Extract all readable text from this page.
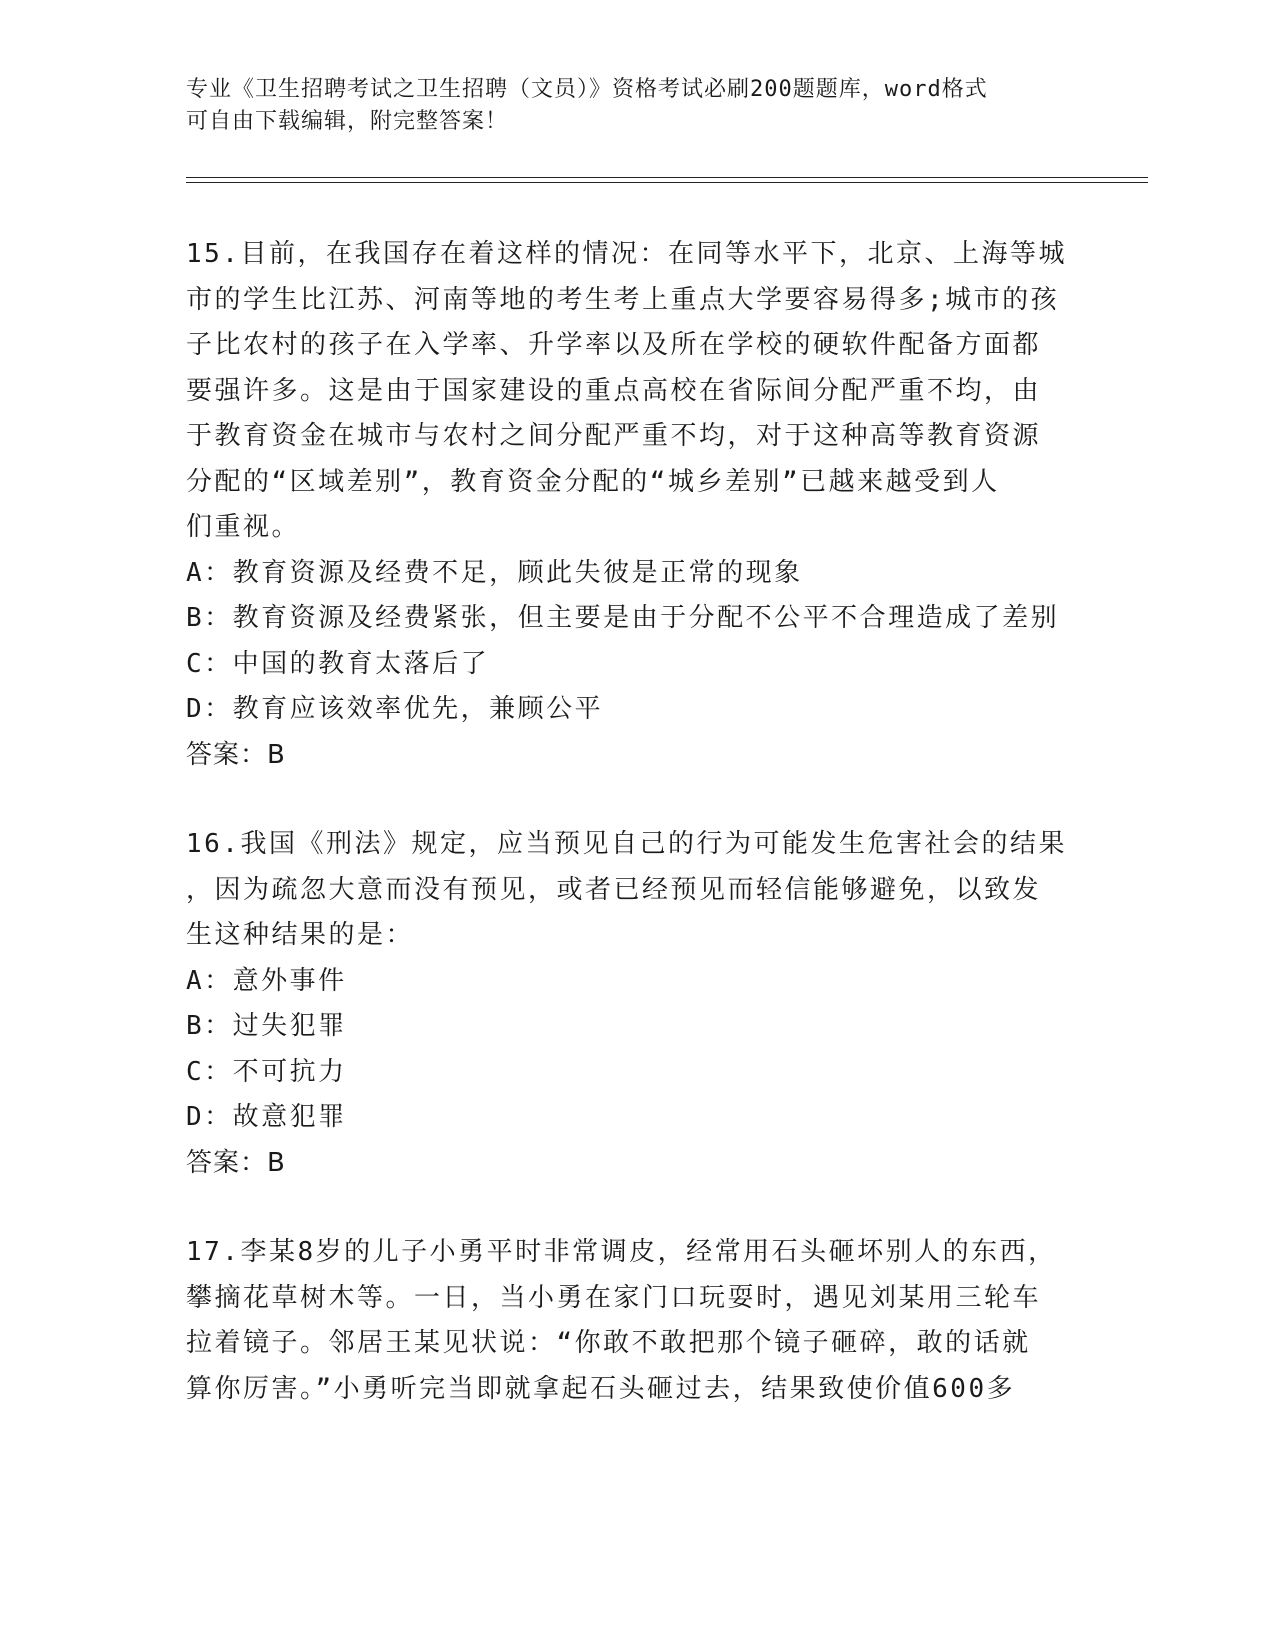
专业《卫生招聘考试之卫生招聘（文员）》资格考试必刷200题题库，word格式
可自由下载编辑，附完整答案！
15.目前，在我国存在着这样的情况：在同等水平下，北京、上海等城
市的学生比江苏、河南等地的考生考上重点大学要容易得多;城市的孩
子比农村的孩子在入学率、升学率以及所在学校的硬软件配备方面都
要强许多。这是由于国家建设的重点高校在省际间分配严重不均，由
于教育资金在城市与农村之间分配严重不均，对于这种高等教育资源
分配的“区域差别”，教育资金分配的“城乡差别”已越来越受到人
们重视。
A：教育资源及经费不足，顾此失彼是正常的现象
B：教育资源及经费紧张，但主要是由于分配不公平不合理造成了差别
C：中国的教育太落后了
D：教育应该效率优先，兼顾公平
答案：B
16.我国《刑法》规定，应当预见自己的行为可能发生危害社会的结果
，因为疏忽大意而没有预见，或者已经预见而轻信能够避免，以致发
生这种结果的是：
A：意外事件
B：过失犯罪
C：不可抗力
D：故意犯罪
答案：B
17.李某8岁的儿子小勇平时非常调皮，经常用石头砸坏别人的东西，
攀摘花草树木等。一日，当小勇在家门口玩耍时，遇见刘某用三轮车
拉着镜子。邻居王某见状说：“你敢不敢把那个镜子砸碎，敢的话就
算你厉害。”小勇听完当即就拿起石头砸过去，结果致使价值600多
